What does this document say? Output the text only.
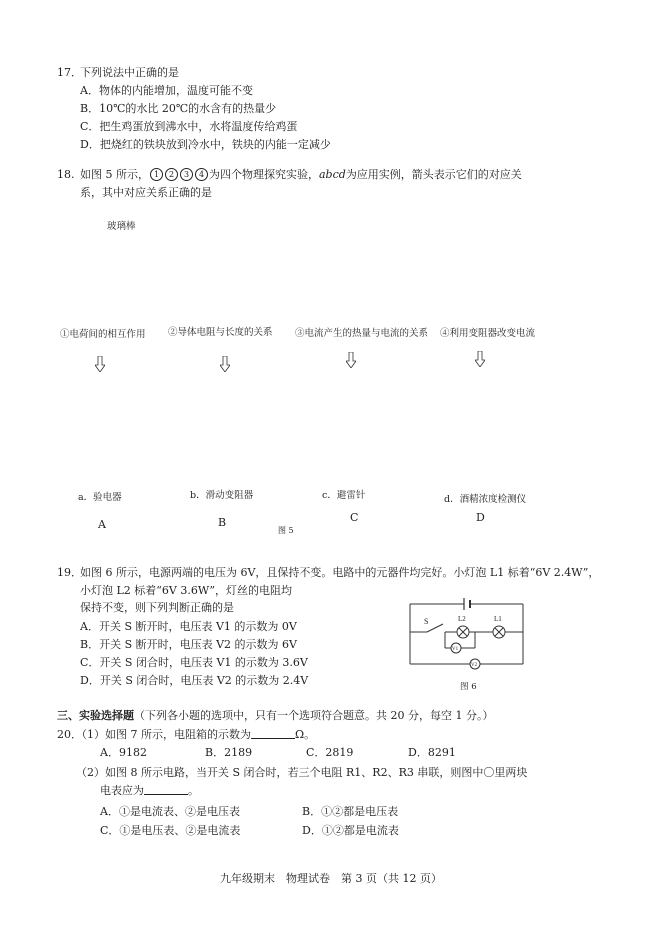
17．
下列说法中正确的是
A．物体的内能增加，温度可能不变
B．10℃的水比 20℃的水含有的热量少
C．把生鸡蛋放到沸水中，水将温度传给鸡蛋
D．把烧红的铁块放到冷水中，铁块的内能一定减少
18. 如图 5 所示， 1 2 3 4 为四个物理探究实验，abcd为应用实例，箭头表示它们的对应关
系，其中对应关系正确的是
玻璃棒
①电荷间的相互作用 ②导体电阻与长度的关系 ③电流产生的热量与电流的关系 ④利用变阻器改变电流
a．验电器	b．滑动变阻器	c．避雷针	d．酒精浓度检测仪
A	B	C	D
图 5
19．
如图 6 所示，电源两端的电压为 6V，且保持不变。电路中的元器件均完好。小灯泡 L1 标着“6V 2.4W”，
小灯泡 L2 标着“6V 3.6W”，灯丝的电阻均
保持不变，则下列判断正确的是
A．开关 S 断开时，电压表 V1 的示数为 0V
B．开关 S 断开时，电压表 V2 的示数为 6V
C．开关 S 闭合时，电压表 V1 的示数为 3.6V
D．开关 S 闭合时，电压表 V2 的示数为 2.4V
S	L2	L1
V1
V2
图 6
三、实验选择题（下列各小题的选项中，只有一个选项符合题意。共 20 分，每空 1 分。）
20．
（1）如图 7 所示，电阻箱的示数为	Ω。
A．9182	B．2189	C．2819	D．8291
（2）如图 8 所示电路，当开关 S 闭合时，若三个电阻 R1、R2、R3 串联，则图中〇里两块
电表应为	。
A．①是电流表、②是电压表	B．①②都是电压表
C．①是电压表、②是电流表	D．①②都是电流表
九年级期末　物理试卷　第 3 页（共 12 页）
